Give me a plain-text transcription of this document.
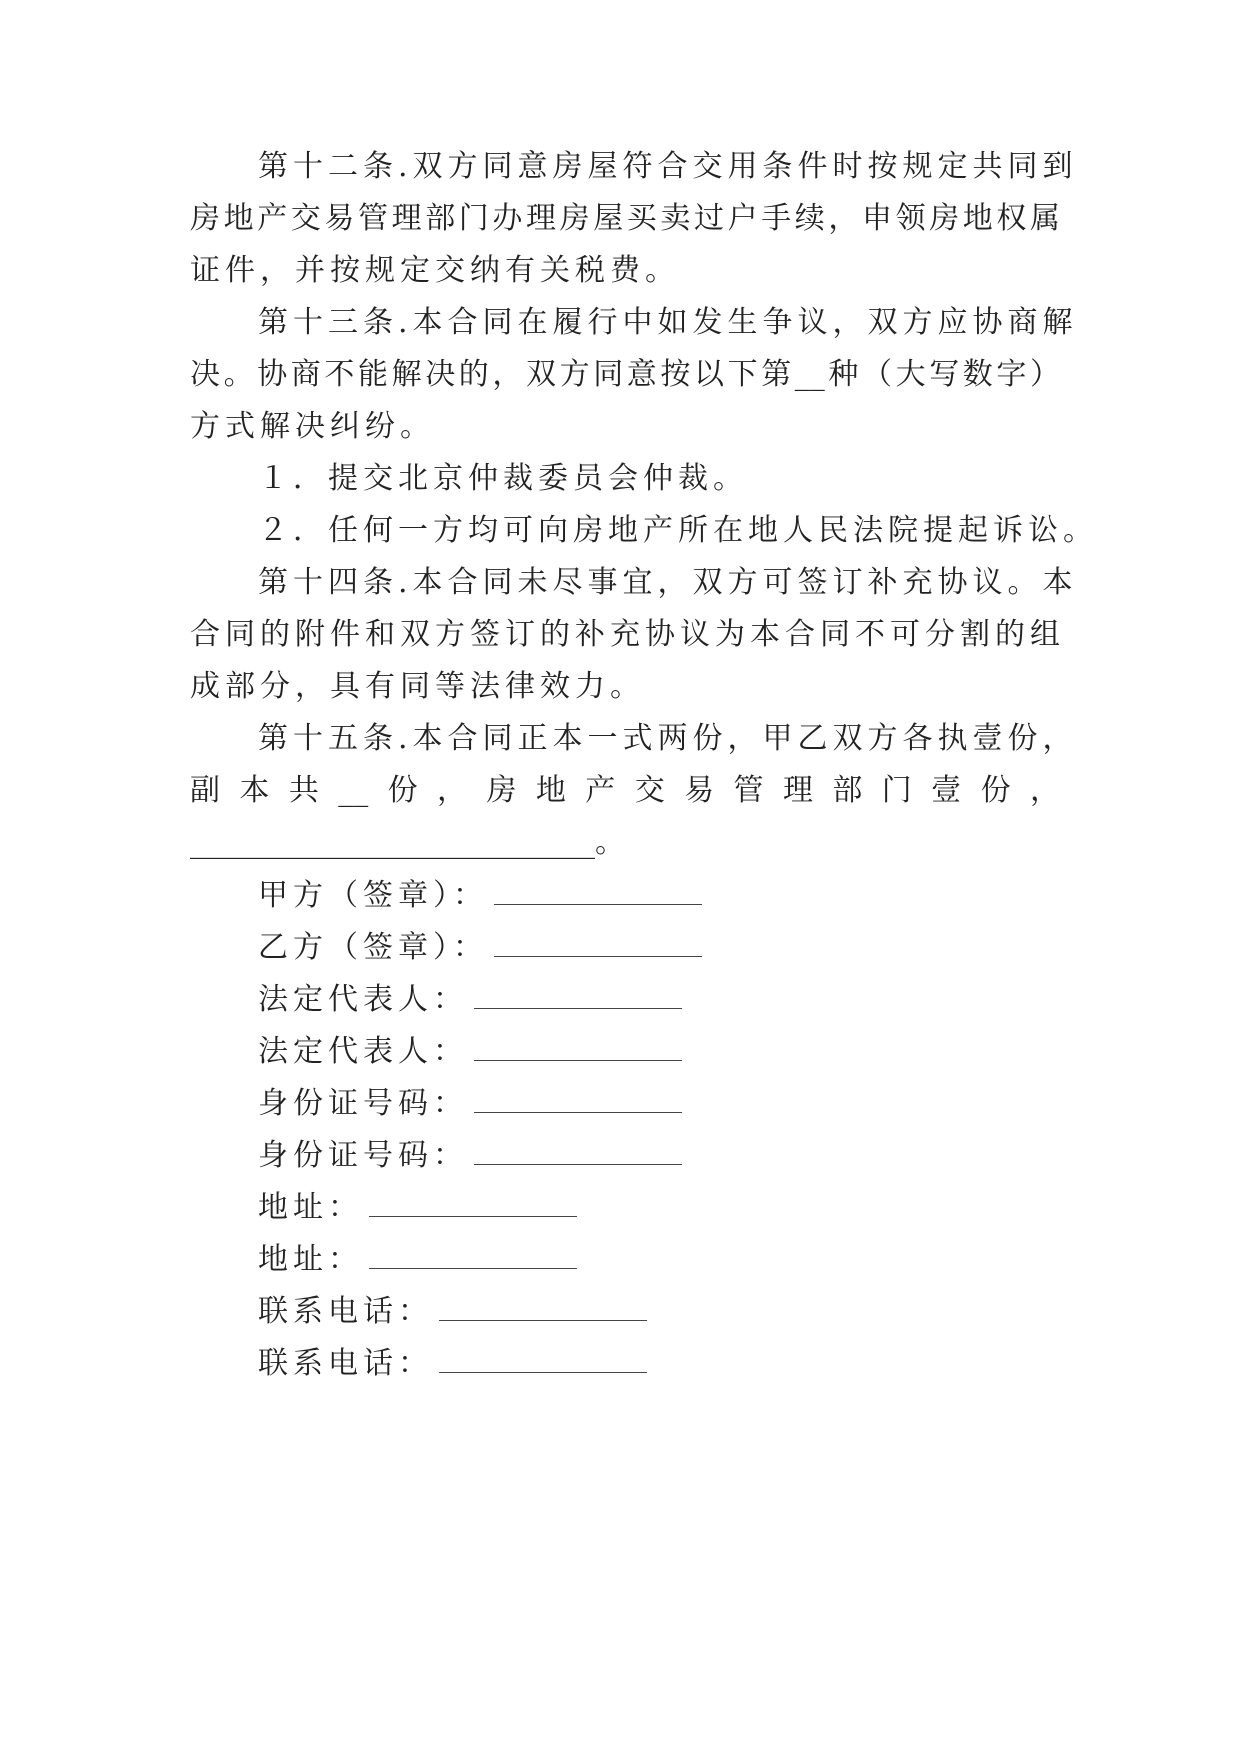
第十二条.双方同意房屋符合交用条件时按规定共同到
房地产交易管理部门办理房屋买卖过户手续，申领房地权属
证件，并按规定交纳有关税费。
第十三条.本合同在履行中如发生争议，双方应协商解
决。协商不能解决的，双方同意按以下第__种（大写数字）
方式解决纠纷。
１．提交北京仲裁委员会仲裁。
２．任何一方均可向房地产所在地人民法院提起诉讼。
第十四条.本合同未尽事宜，双方可签订补充协议。本
合同的附件和双方签订的补充协议为本合同不可分割的组
成部分，具有同等法律效力。
第十五条.本合同正本一式两份，甲乙双方各执壹份，
副本共__份，房地产交易管理部门壹份，
___________________________。
甲方（签章）：
乙方（签章）：
法定代表人：
法定代表人：
身份证号码：
身份证号码：
地址：
地址：
联系电话：
联系电话：
